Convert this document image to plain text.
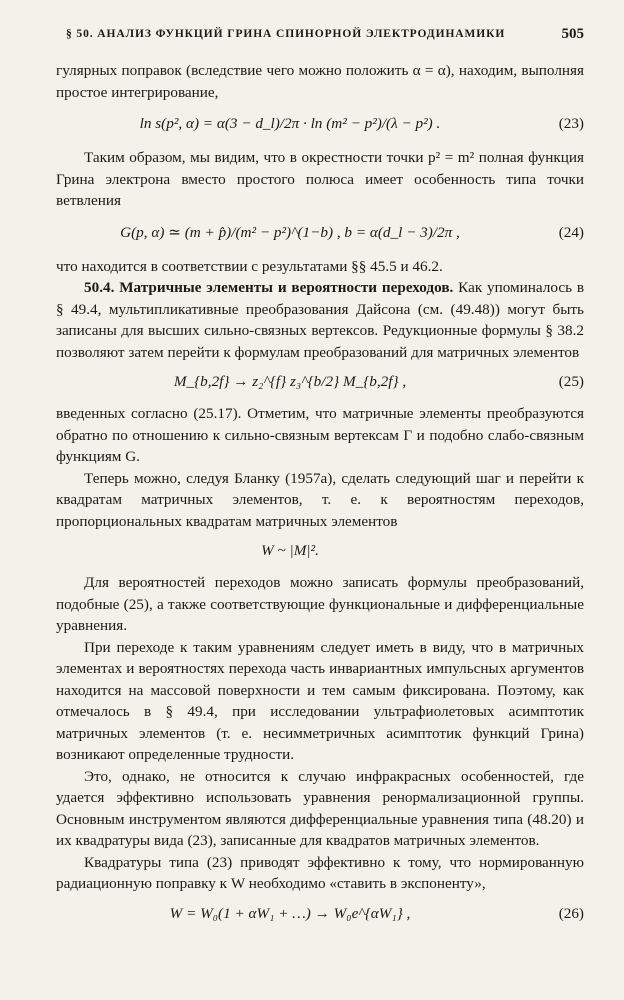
§ 50. АНАЛИЗ ФУНКЦИЙ ГРИНА СПИНОРНОЙ ЭЛЕКТРОДИНАМИКИ	505

гулярных поправок (вследствие чего можно положить α = α), находим, выполняя простое интегрирование,

ln s(p², α) = α(3 − d_l)/2π · ln (m² − p²)/(λ − p²) .	(23)

Таким образом, мы видим, что в окрестности точки p² = m² полная функция Грина электрона вместо простого полюса имеет особенность типа точки ветвления

G(p, α) ≃ (m + p̂)/(m² − p²)^(1−b) , b = α(d_l − 3)/2π ,	(24)

что находится в соответствии с результатами §§ 45.5 и 46.2.

50.4. Матричные элементы и вероятности переходов. Как упоминалось в § 49.4, мультипликативные преобразования Дайсона (см. (49.48)) могут быть записаны для высших сильно-связных вертексов. Редукционные формулы § 38.2 позволяют затем перейти к формулам преобразований для матричных элементов

M_{b,2f} → z₂^{f} z₃^{b/2} M_{b,2f} ,	(25)

введенных согласно (25.17). Отметим, что матричные элементы преобразуются обратно по отношению к сильно-связным вертексам Γ и подобно слабо-связным функциям G.

Теперь можно, следуя Бланку (1957а), сделать следующий шаг и перейти к квадратам матричных элементов, т. е. к вероятностям переходов, пропорциональных квадратам матричных элементов

W ~ |M|².

Для вероятностей переходов можно записать формулы преобразований, подобные (25), а также соответствующие функциональные и дифференциальные уравнения.

При переходе к таким уравнениям следует иметь в виду, что в матричных элементах и вероятностях перехода часть инвариантных импульсных аргументов находится на массовой поверхности и тем самым фиксирована. Поэтому, как отмечалось в § 49.4, при исследовании ультрафиолетовых асимптотик матричных элементов (т. е. несимметричных асимптотик функций Грина) возникают определенные трудности.

Это, однако, не относится к случаю инфракрасных особенностей, где удается эффективно использовать уравнения ренормализационной группы. Основным инструментом являются дифференциальные уравнения типа (48.20) и их квадратуры вида (23), записанные для квадратов матричных элементов.

Квадратуры типа (23) приводят эффективно к тому, что нормированную радиационную поправку к W необходимо «ставить в экспоненту»,

W = W₀(1 + αW₁ + …) → W₀e^{αW₁} ,	(26)
